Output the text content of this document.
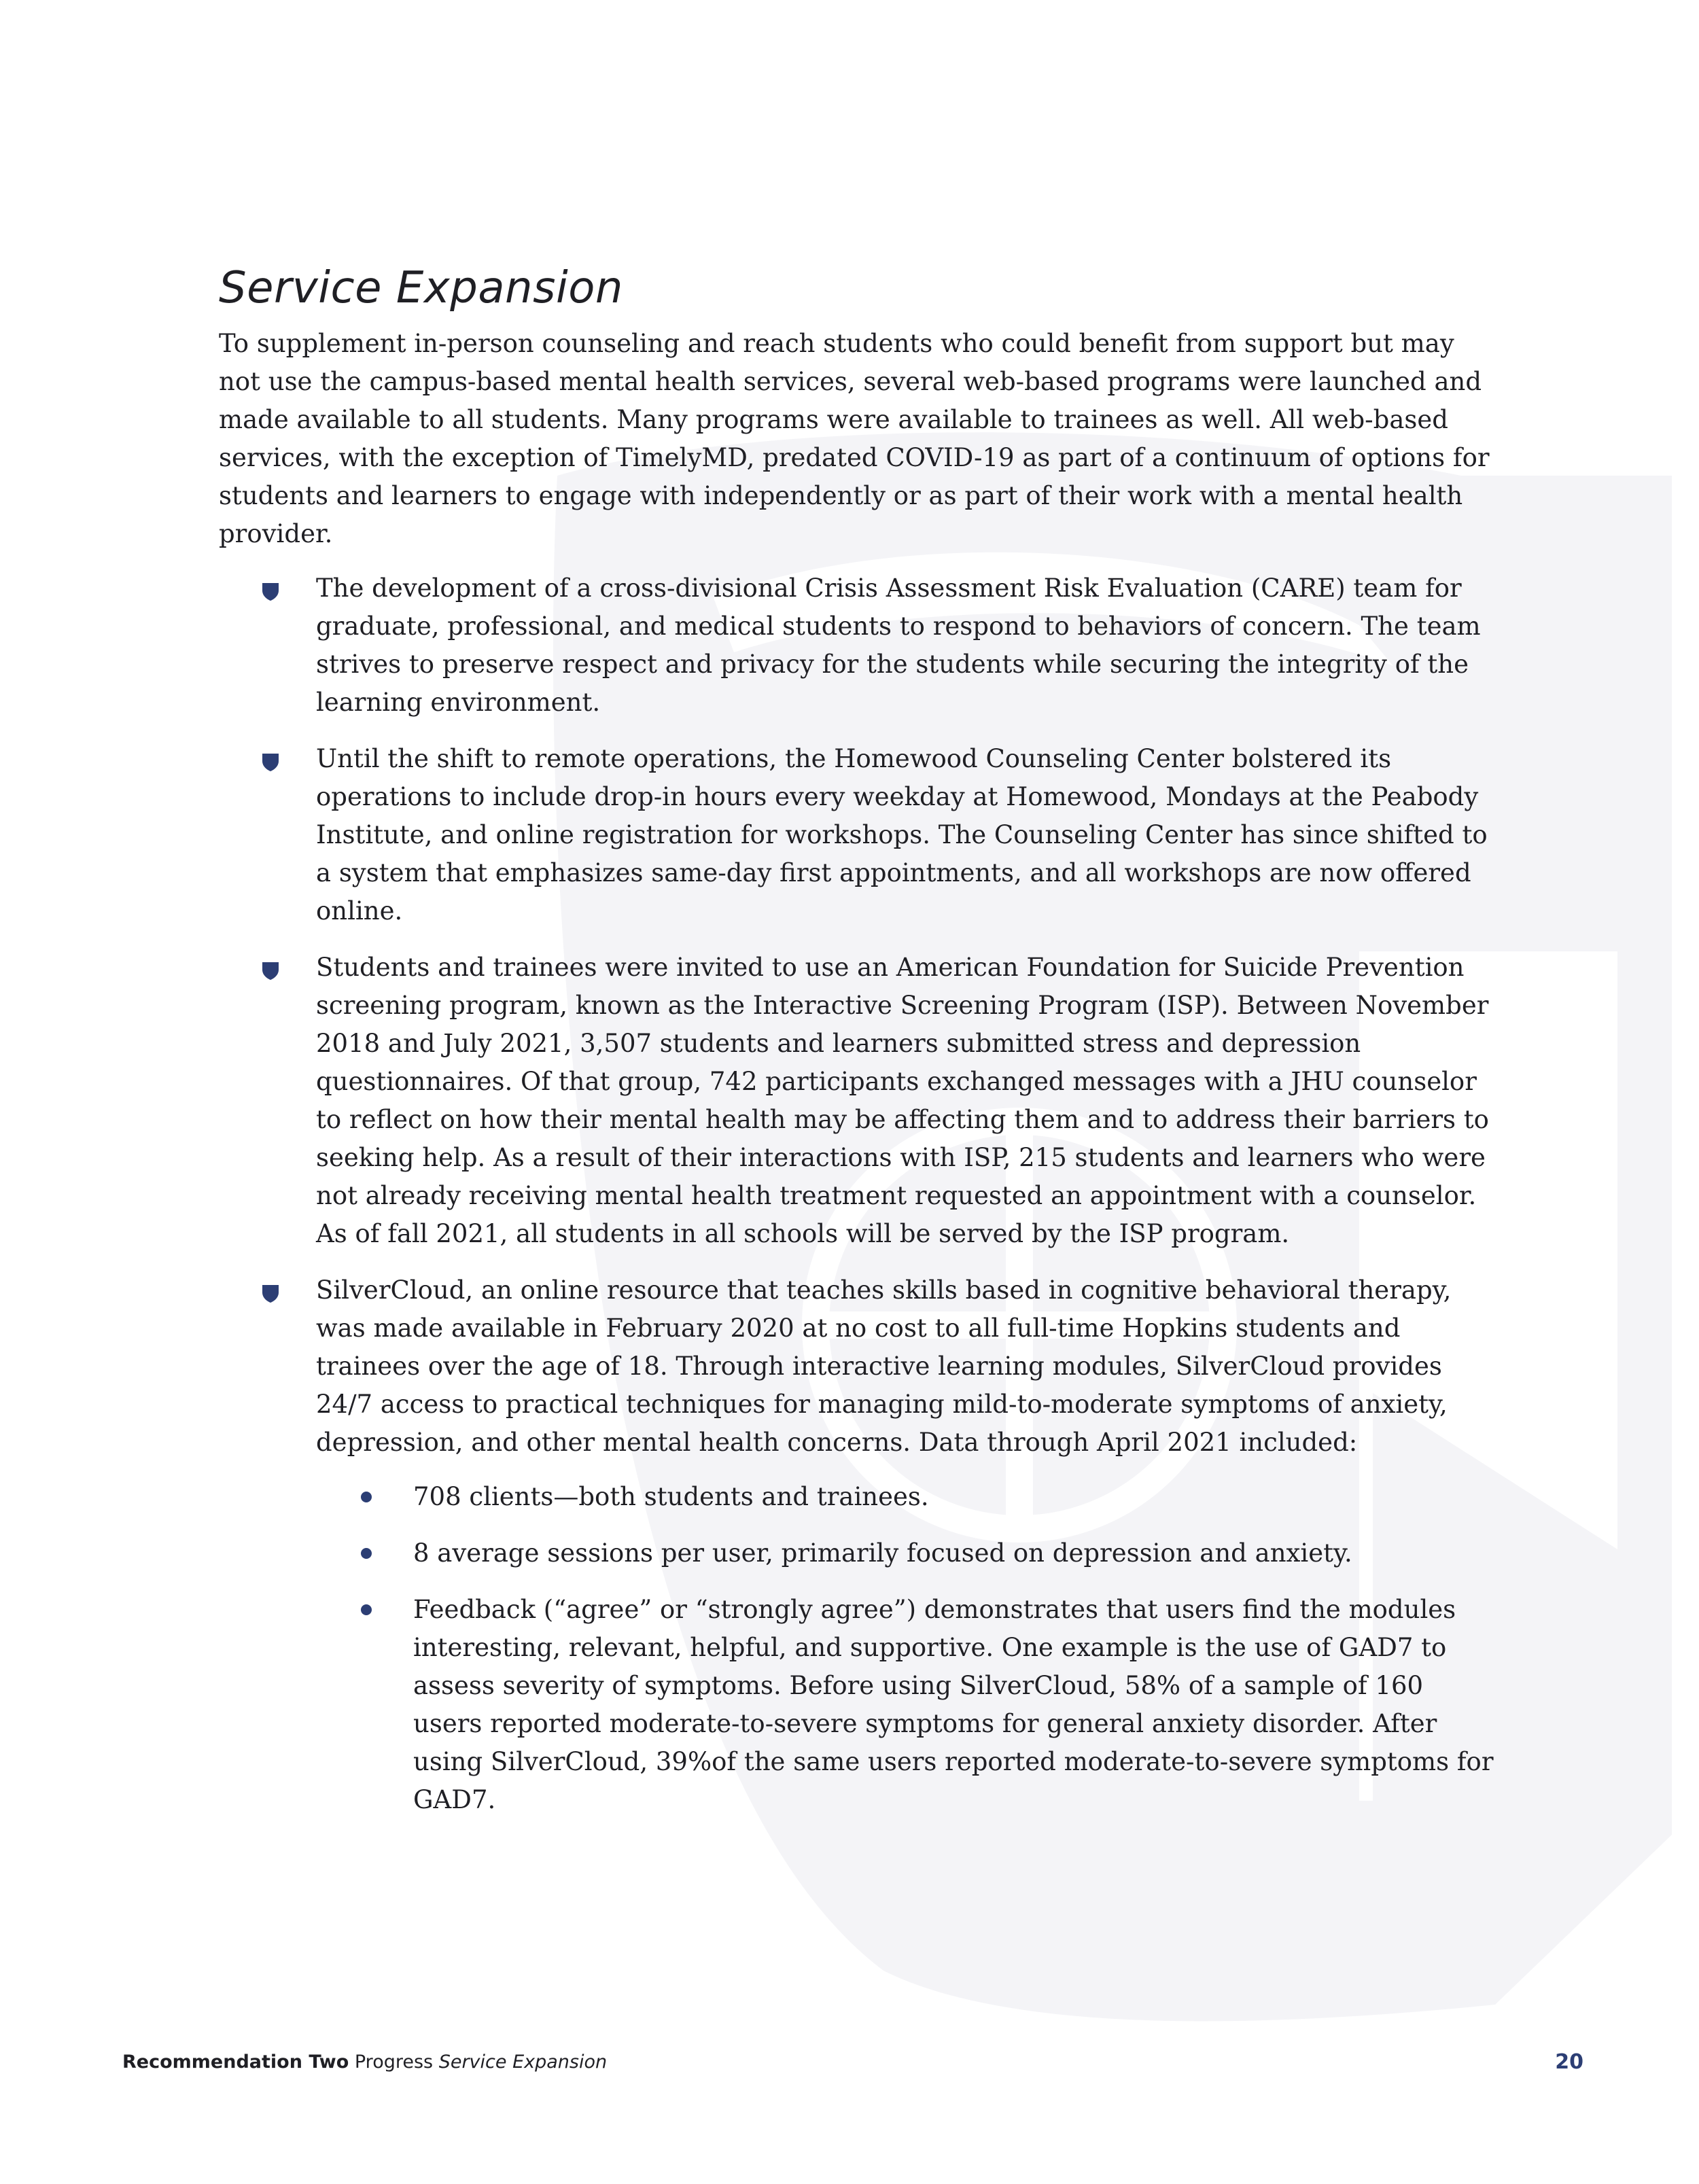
Service Expansion

To supplement in-person counseling and reach students who could benefit from support but may not use the campus-based mental health services, several web-based programs were launched and made available to all students. Many programs were available to trainees as well. All web-based services, with the exception of TimelyMD, predated COVID-19 as part of a continuum of options for students and learners to engage with independently or as part of their work with a mental health provider.

The development of a cross-divisional Crisis Assessment Risk Evaluation (CARE) team for graduate, professional, and medical students to respond to behaviors of concern. The team strives to preserve respect and privacy for the students while securing the integrity of the learning environment.
Until the shift to remote operations, the Homewood Counseling Center bolstered its operations to include drop-in hours every weekday at Homewood, Mondays at the Peabody Institute, and online registration for workshops. The Counseling Center has since shifted to a system that emphasizes same-day first appointments, and all workshops are now offered online.
Students and trainees were invited to use an American Foundation for Suicide Prevention screening program, known as the Interactive Screening Program (ISP). Between November 2018 and July 2021, 3,507 students and learners submitted stress and depression questionnaires. Of that group, 742 participants exchanged messages with a JHU counselor to reflect on how their mental health may be affecting them and to address their barriers to seeking help. As a result of their interactions with ISP, 215 students and learners who were not already receiving mental health treatment requested an appointment with a counselor. As of fall 2021, all students in all schools will be served by the ISP program.
SilverCloud, an online resource that teaches skills based in cognitive behavioral therapy, was made available in February 2020 at no cost to all full-time Hopkins students and trainees over the age of 18. Through interactive learning modules, SilverCloud provides 24/7 access to practical techniques for managing mild-to-moderate symptoms of anxiety, depression, and other mental health concerns. Data through April 2021 included:
708 clients—both students and trainees.
8 average sessions per user, primarily focused on depression and anxiety.
Feedback (“agree” or “strongly agree”) demonstrates that users find the modules interesting, relevant, helpful, and supportive. One example is the use of GAD7 to assess severity of symptoms. Before using SilverCloud, 58% of a sample of 160 users reported moderate-to-severe symptoms for general anxiety disorder. After using SilverCloud, 39%of the same users reported moderate-to-severe symptoms for GAD7.
Recommendation Two Progress Service Expansion	20
